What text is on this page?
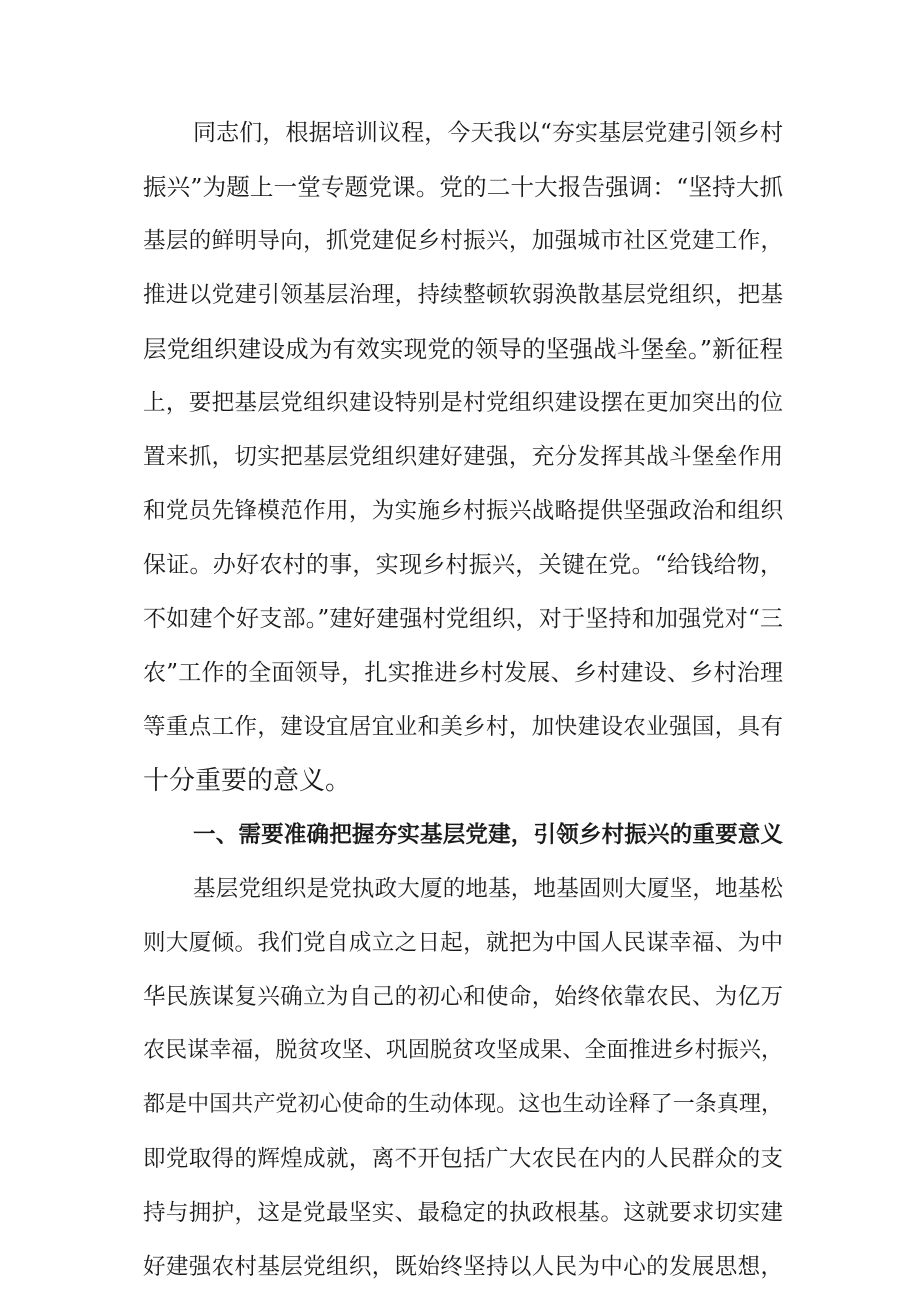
同志们，根据培训议程，今天我以“夯实基层党建引领乡村
振兴”为题上一堂专题党课。党的二十大报告强调：“坚持大抓
基层的鲜明导向，抓党建促乡村振兴，加强城市社区党建工作，
推进以党建引领基层治理，持续整顿软弱涣散基层党组织，把基
层党组织建设成为有效实现党的领导的坚强战斗堡垒。”新征程
上，要把基层党组织建设特别是村党组织建设摆在更加突出的位
置来抓，切实把基层党组织建好建强，充分发挥其战斗堡垒作用
和党员先锋模范作用，为实施乡村振兴战略提供坚强政治和组织
保证。办好农村的事，实现乡村振兴，关键在党。“给钱给物，
不如建个好支部。”建好建强村党组织，对于坚持和加强党对“三
农”工作的全面领导，扎实推进乡村发展、乡村建设、乡村治理
等重点工作，建设宜居宜业和美乡村，加快建设农业强国，具有
十分重要的意义。
一、需要准确把握夯实基层党建，引领乡村振兴的重要意义
基层党组织是党执政大厦的地基，地基固则大厦坚，地基松
则大厦倾。我们党自成立之日起，就把为中国人民谋幸福、为中
华民族谋复兴确立为自己的初心和使命，始终依靠农民、为亿万
农民谋幸福，脱贫攻坚、巩固脱贫攻坚成果、全面推进乡村振兴，
都是中国共产党初心使命的生动体现。这也生动诠释了一条真理，
即党取得的辉煌成就，离不开包括广大农民在内的人民群众的支
持与拥护，这是党最坚实、最稳定的执政根基。这就要求切实建
好建强农村基层党组织，既始终坚持以人民为中心的发展思想，
